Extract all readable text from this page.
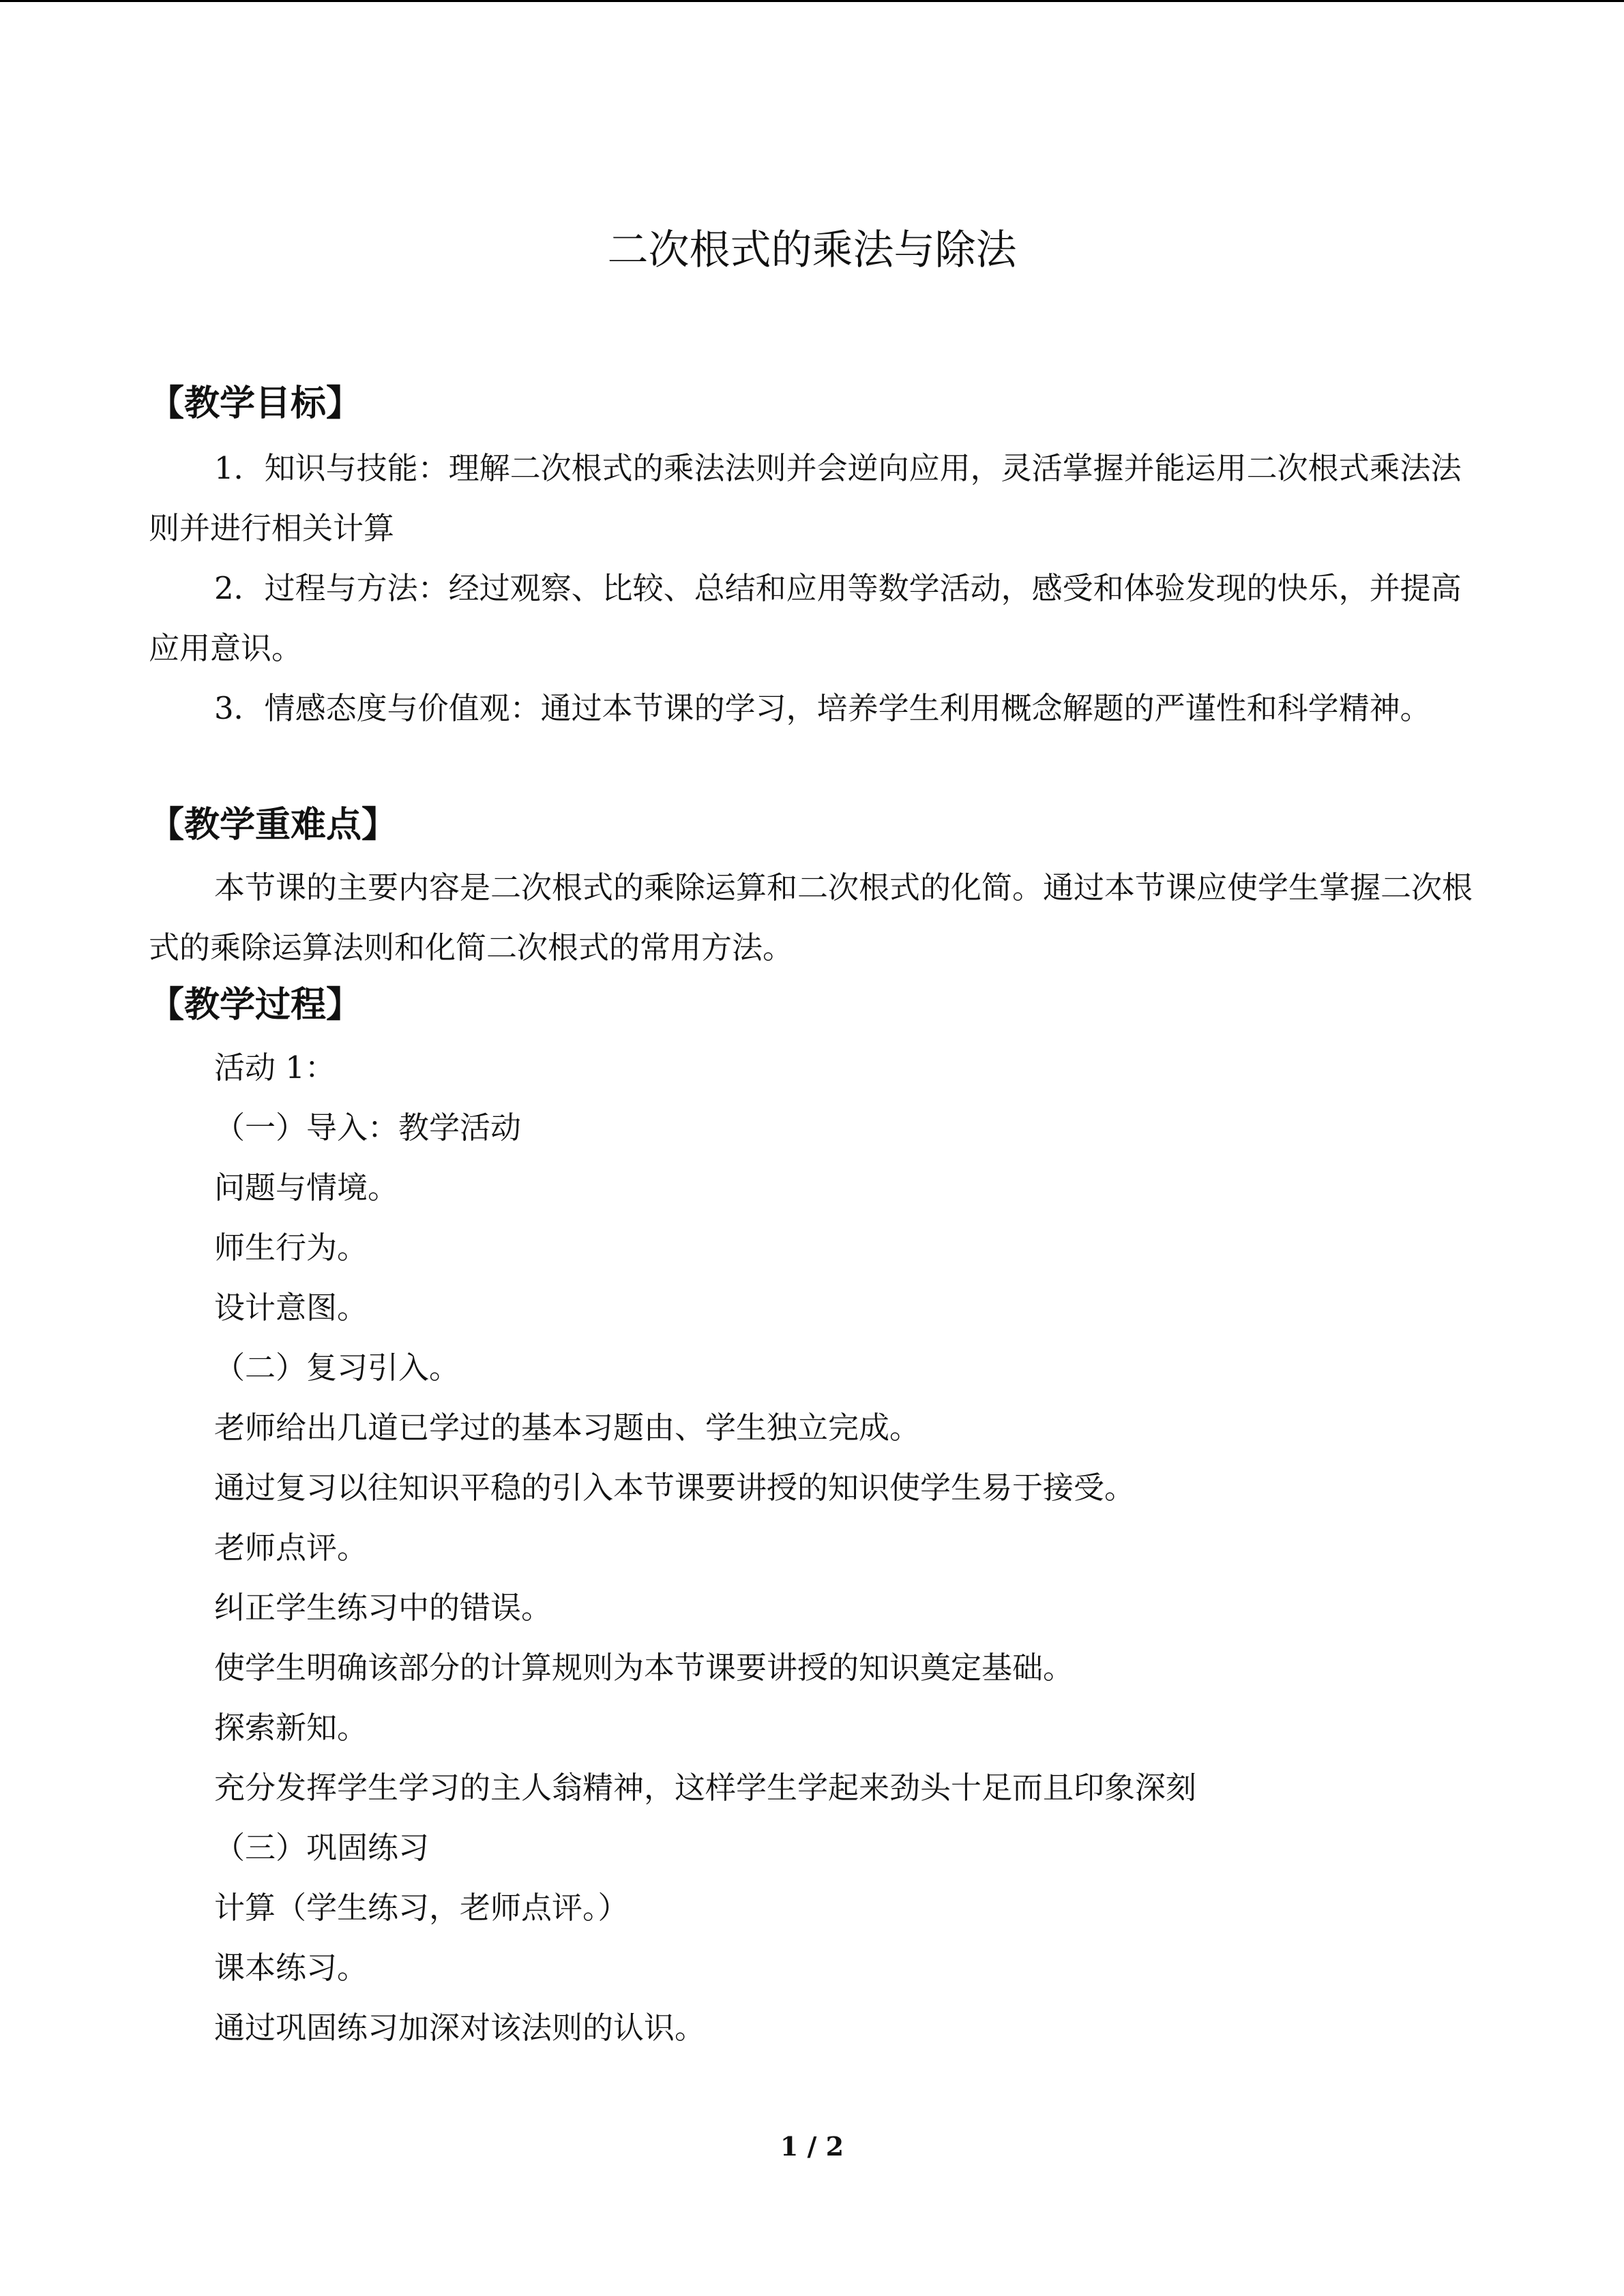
二次根式的乘法与除法
【教学目标】

1．知识与技能：理解二次根式的乘法法则并会逆向应用，灵活掌握并能运用二次根式乘法法则并进行相关计算

2．过程与方法：经过观察、比较、总结和应用等数学活动，感受和体验发现的快乐，并提高应用意识。

3．情感态度与价值观：通过本节课的学习，培养学生利用概念解题的严谨性和科学精神。

【教学重难点】

本节课的主要内容是二次根式的乘除运算和二次根式的化简。通过本节课应使学生掌握二次根式的乘除运算法则和化简二次根式的常用方法。

【教学过程】

活动 1：

（一）导入：教学活动

问题与情境。

师生行为。

设计意图。

（二）复习引入。

老师给出几道已学过的基本习题由、学生独立完成。

通过复习以往知识平稳的引入本节课要讲授的知识使学生易于接受。

老师点评。

纠正学生练习中的错误。

使学生明确该部分的计算规则为本节课要讲授的知识奠定基础。

探索新知。

充分发挥学生学习的主人翁精神，这样学生学起来劲头十足而且印象深刻

（三）巩固练习

计算（学生练习，老师点评。）

课本练习。

通过巩固练习加深对该法则的认识。

1 / 2
